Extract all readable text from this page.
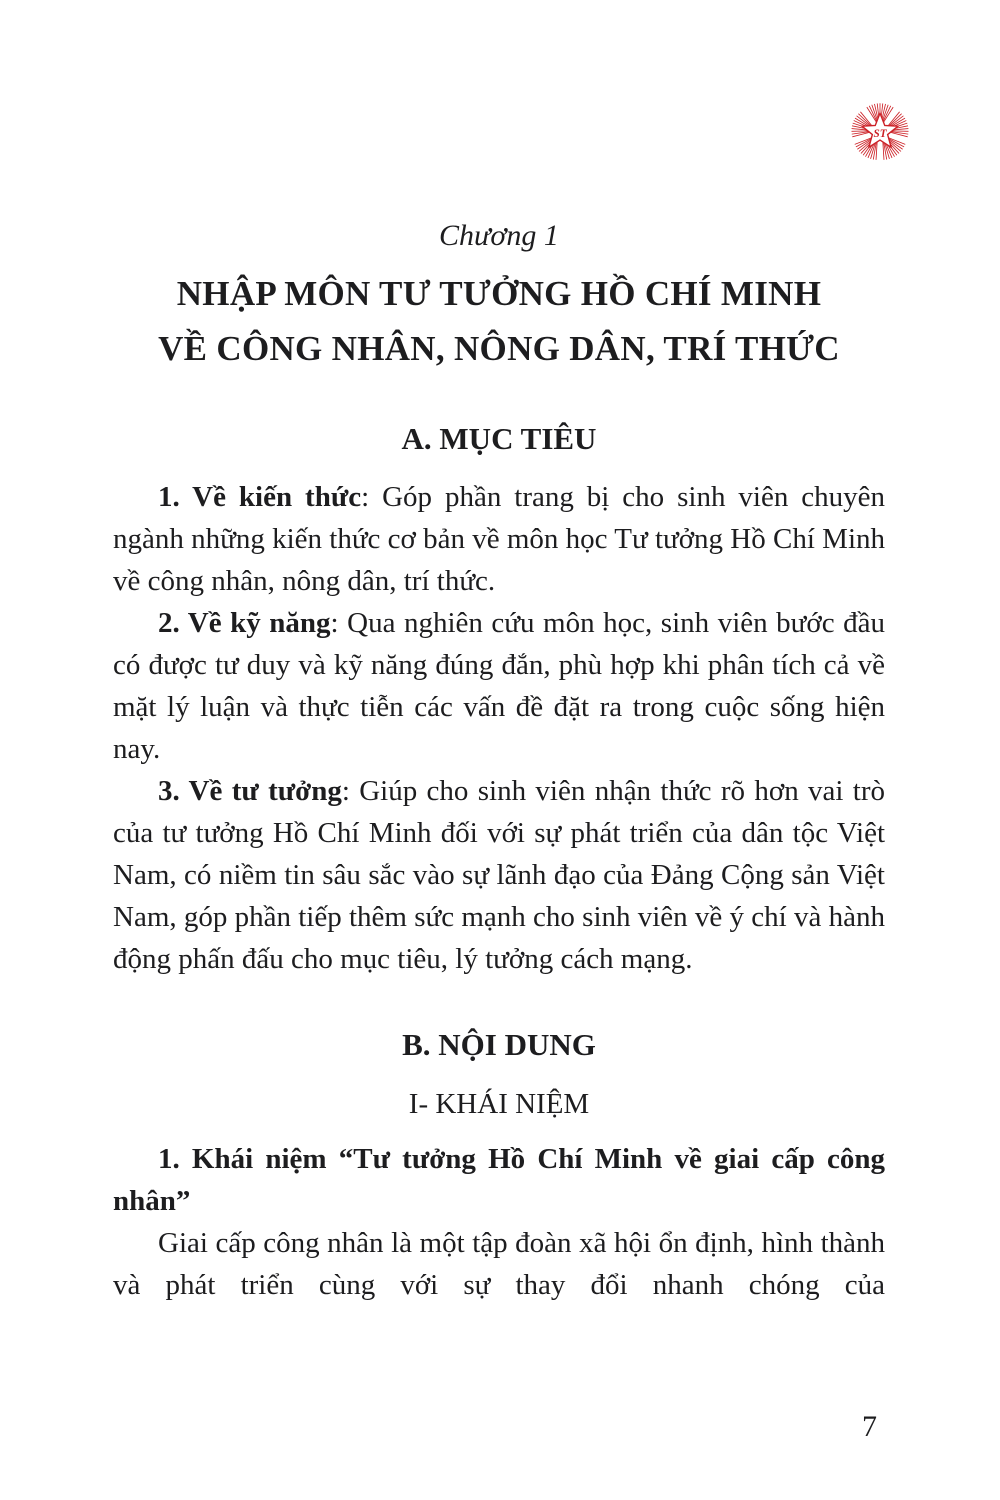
ST
Chương 1
NHẬP MÔN TƯ TƯỞNG HỒ CHÍ MINH
VỀ CÔNG NHÂN, NÔNG DÂN, TRÍ THỨC
A. MỤC TIÊU

1. Về kiến thức: Góp phần trang bị cho sinh viên chuyên ngành những kiến thức cơ bản về môn học Tư tưởng Hồ Chí Minh về công nhân, nông dân, trí thức.

2. Về kỹ năng: Qua nghiên cứu môn học, sinh viên bước đầu có được tư duy và kỹ năng đúng đắn, phù hợp khi phân tích cả về mặt lý luận và thực tiễn các vấn đề đặt ra trong cuộc sống hiện nay.

3. Về tư tưởng: Giúp cho sinh viên nhận thức rõ hơn vai trò của tư tưởng Hồ Chí Minh đối với sự phát triển của dân tộc Việt Nam, có niềm tin sâu sắc vào sự lãnh đạo của Đảng Cộng sản Việt Nam, góp phần tiếp thêm sức mạnh cho sinh viên về ý chí và hành động phấn đấu cho mục tiêu, lý tưởng cách mạng.

B. NỘI DUNG
I- KHÁI NIỆM

1. Khái niệm “Tư tưởng Hồ Chí Minh về giai cấp công nhân”

Giai cấp công nhân là một tập đoàn xã hội ổn định, hình thành và phát triển cùng với sự thay đổi nhanh chóng của

7
